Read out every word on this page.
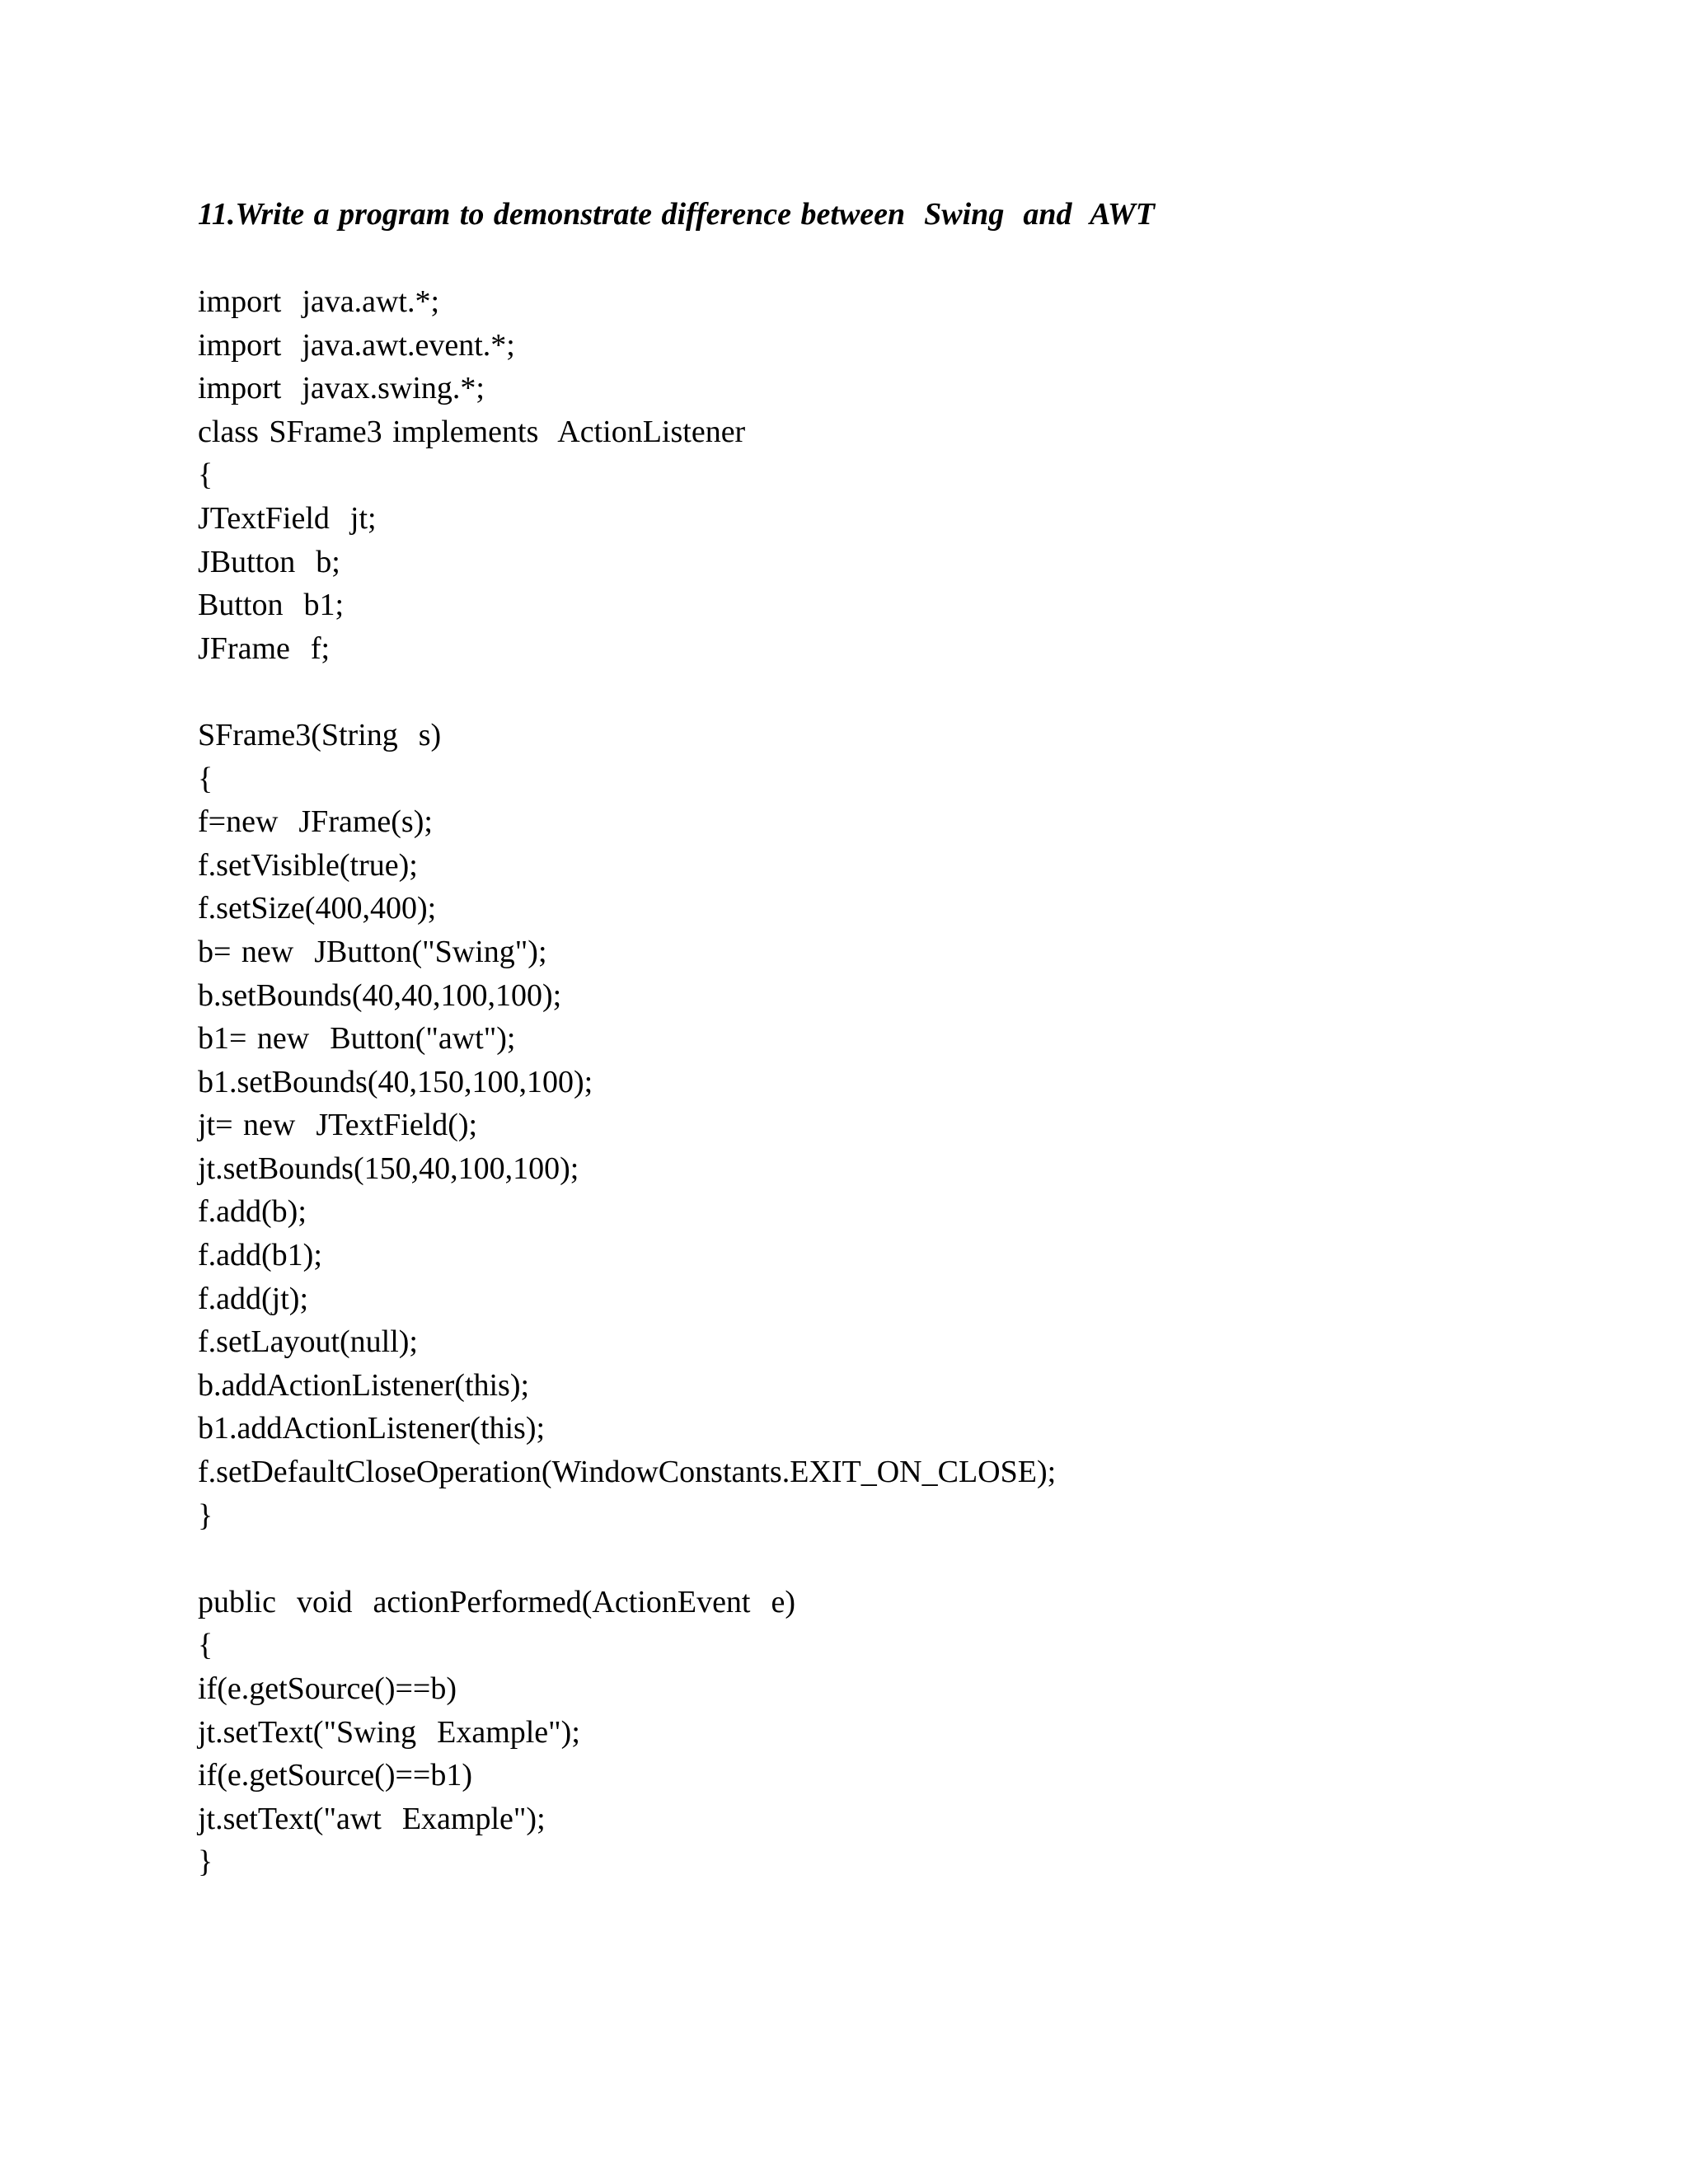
11.Write a program to demonstrate difference between  Swing  and  AWT
import  java.awt.*;
import  java.awt.event.*;
import  javax.swing.*;
class SFrame3 implements  ActionListener
{
JTextField  jt;
JButton  b;
Button  b1;
JFrame  f;
SFrame3(String  s)
{
f=new  JFrame(s);
f.setVisible(true);
f.setSize(400,400);
b= new  JButton("Swing");
b.setBounds(40,40,100,100);
b1= new  Button("awt");
b1.setBounds(40,150,100,100);
jt= new  JTextField();
jt.setBounds(150,40,100,100);
f.add(b);
f.add(b1);
f.add(jt);
f.setLayout(null);
b.addActionListener(this);
b1.addActionListener(this);
f.setDefaultCloseOperation(WindowConstants.EXIT_ON_CLOSE);
}
public  void  actionPerformed(ActionEvent  e)
{
if(e.getSource()==b)
jt.setText("Swing  Example");
if(e.getSource()==b1)
jt.setText("awt  Example");
}
